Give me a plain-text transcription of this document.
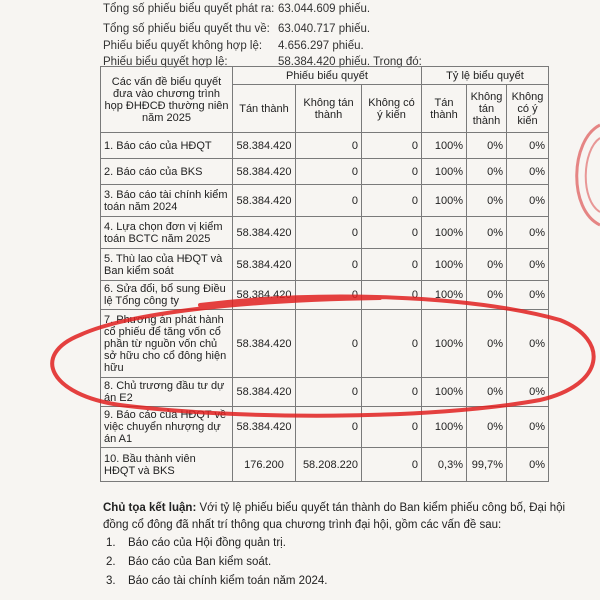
Tổng số phiếu biểu quyết phát ra: 63.044.609 phiếu.
Tổng số phiếu biểu quyết thu về: 63.040.717 phiếu.
Phiếu biểu quyết không hợp lệ: 4.656.297 phiếu.
Phiếu biểu quyết hợp lệ:	58.384.420 phiếu. Trong đó:
Các vấn đề biểu quyết đưa vào chương trình họp ĐHĐCĐ thường niên năm 2025	Phiếu biểu quyết			Tỷ lệ biểu quyết		
	Tán thành	Không tán thành	Không có ý kiến	Tán thành	Không tán thành	Không có ý kiến
1. Báo cáo của HĐQT	58.384.420	0	0	100%	0%	0%
2. Báo cáo của BKS	58.384.420	0	0	100%	0%	0%
3. Báo cáo tài chính kiểm toán năm 2024	58.384.420	0	0	100%	0%	0%
4. Lựa chọn đơn vị kiểm toán BCTC năm 2025	58.384.420	0	0	100%	0%	0%
5. Thù lao của HĐQT và Ban kiểm soát	58.384.420	0	0	100%	0%	0%
6. Sửa đổi, bổ sung Điều lệ Tổng công ty	58.384.420	0	0	100%	0%	0%
7. Phương án phát hành cổ phiếu để tăng vốn cổ phần từ nguồn vốn chủ sở hữu cho cổ đông hiện hữu	58.384.420	0	0	100%	0%	0%
8. Chủ trương đầu tư dự án E2	58.384.420	0	0	100%	0%	0%
9. Báo cáo của HĐQT về việc chuyển nhượng dự án A1	58.384.420	0	0	100%	0%	0%
10. Bầu thành viên HĐQT và BKS	176.200	58.208.220	0	0,3%	99,7%	0%
Chủ tọa kết luận: Với tỷ lệ phiếu biểu quyết tán thành do Ban kiểm phiếu công bố, Đại hội đồng cổ đông đã nhất trí thông qua chương trình đại hội, gồm các vấn đề sau:
1. Báo cáo của Hội đồng quản trị.
2. Báo cáo của Ban kiểm soát.
3. Báo cáo tài chính kiểm toán năm 2024.
